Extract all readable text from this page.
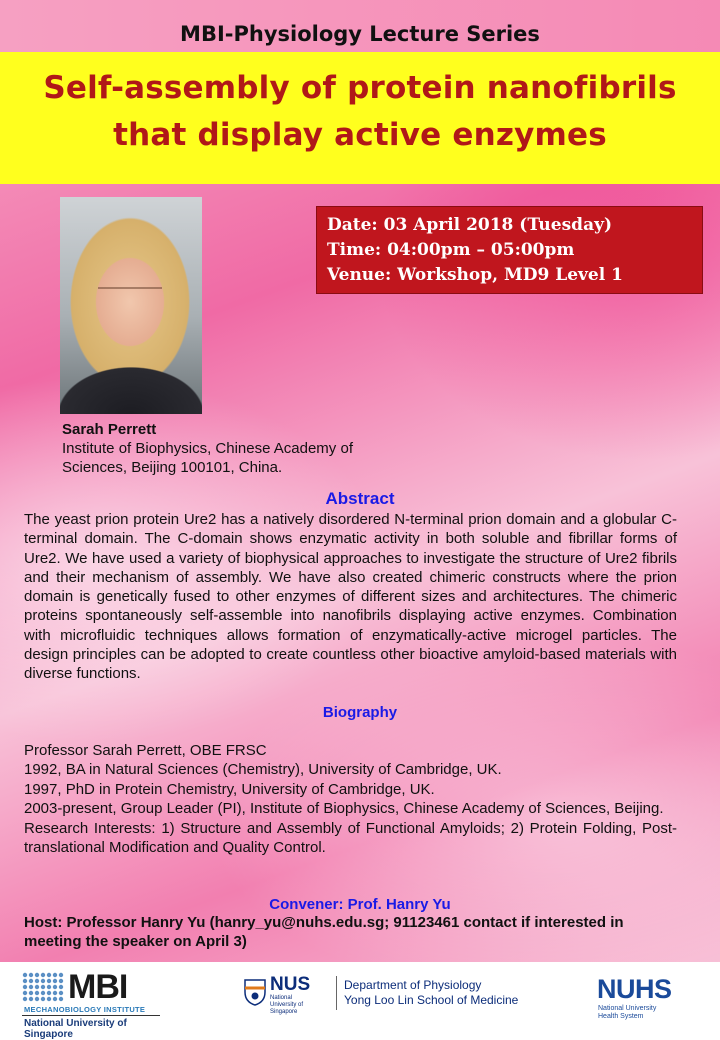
MBI-Physiology Lecture Series
Self-assembly of protein nanofibrils
that display active enzymes
Date: 03 April 2018 (Tuesday)
Time: 04:00pm – 05:00pm
Venue: Workshop, MD9 Level 1
Sarah Perrett
Institute of Biophysics, Chinese Academy of
Sciences, Beijing 100101, China.
Abstract
The yeast prion protein Ure2 has a natively disordered N-terminal prion domain and a globular C-terminal domain. The C-domain shows enzymatic activity in both soluble and fibrillar forms of Ure2. We have used a variety of biophysical approaches to investigate the structure of Ure2 fibrils and their mechanism of assembly. We have also created chimeric constructs where the prion domain is genetically fused to other enzymes of different sizes and architectures. The chimeric proteins spontaneously self-assemble into nanofibrils displaying active enzymes. Combination with microfluidic techniques allows formation of enzymatically-active microgel particles. The design principles can be adopted to create countless other bioactive amyloid-based materials with diverse functions.
Biography
Professor Sarah Perrett, OBE FRSC
1992, BA in Natural Sciences (Chemistry), University of Cambridge, UK.
1997, PhD in Protein Chemistry, University of Cambridge, UK.
2003-present, Group Leader (PI), Institute of Biophysics, Chinese Academy of Sciences, Beijing.
Research Interests: 1) Structure and Assembly of Functional Amyloids; 2) Protein Folding, Post-translational Modification and Quality Control.
Convener: Prof. Hanry Yu
Host: Professor Hanry Yu (hanry_yu@nuhs.edu.sg; 91123461 contact if interested in meeting the speaker on April 3)
MBI
MECHANOBIOLOGY INSTITUTE
National University of Singapore
NUS
National University of Singapore
Department of Physiology
Yong Loo Lin School of Medicine	NUHS
National University
Health System
